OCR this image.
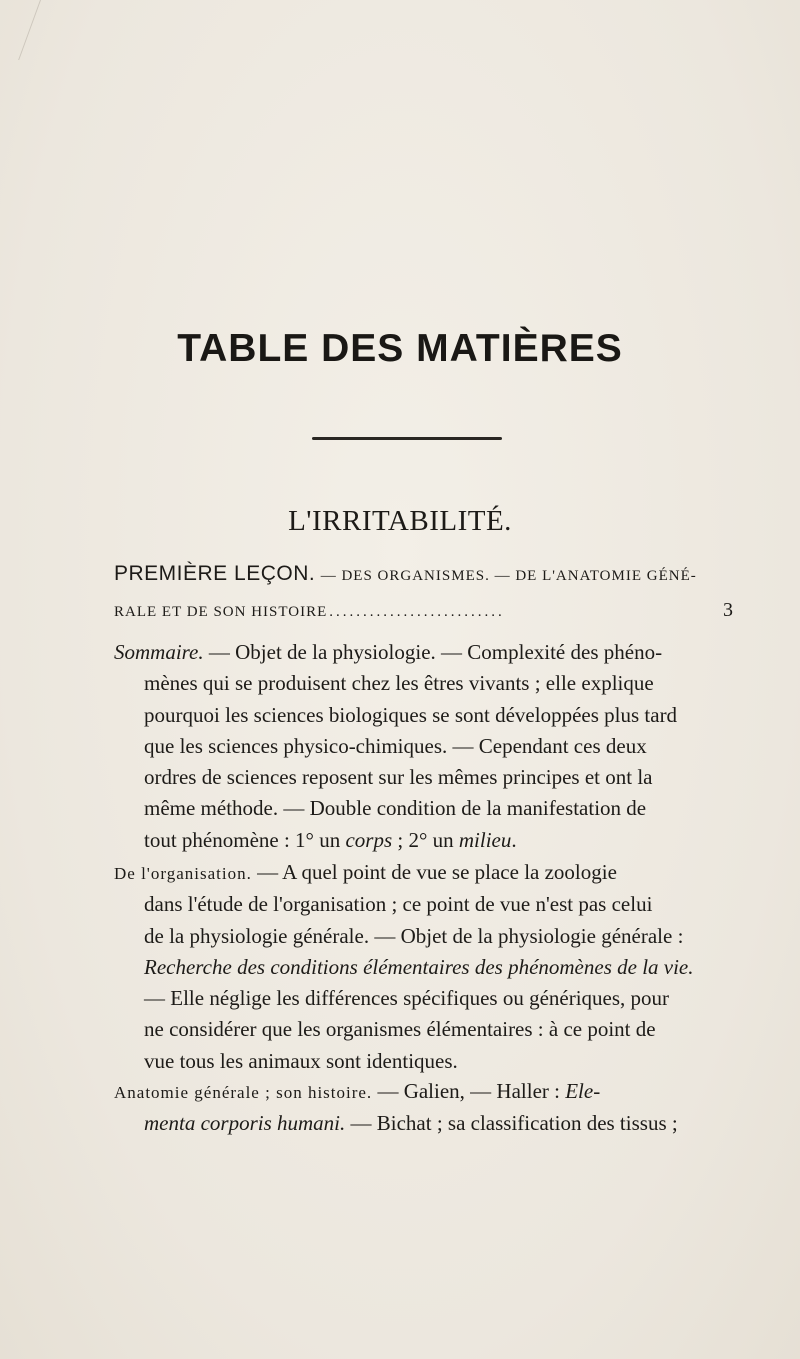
TABLE DES MATIÈRES
L'IRRITABILITÉ.
PREMIÈRE LEÇON. — DES ORGANISMES. — DE L'ANATOMIE GÉNÉ-
RALE ET DE SON HISTOIRE ..........................	3
Sommaire. — Objet de la physiologie. — Complexité des phéno-
mènes qui se produisent chez les êtres vivants ; elle explique
pourquoi les sciences biologiques se sont développées plus tard
que les sciences physico-chimiques. — Cependant ces deux
ordres de sciences reposent sur les mêmes principes et ont la
même méthode. — Double condition de la manifestation de
tout phénomène : 1° un corps ; 2° un milieu.
De l'organisation. — A quel point de vue se place la zoologie
dans l'étude de l'organisation ; ce point de vue n'est pas celui
de la physiologie générale. — Objet de la physiologie générale :
Recherche des conditions élémentaires des phénomènes de la vie.
— Elle néglige les différences spécifiques ou génériques, pour
ne considérer que les organismes élémentaires : à ce point de
vue tous les animaux sont identiques.
Anatomie générale ; son histoire. — Galien, — Haller : Ele-
menta corporis humani. — Bichat ; sa classification des tissus ;
